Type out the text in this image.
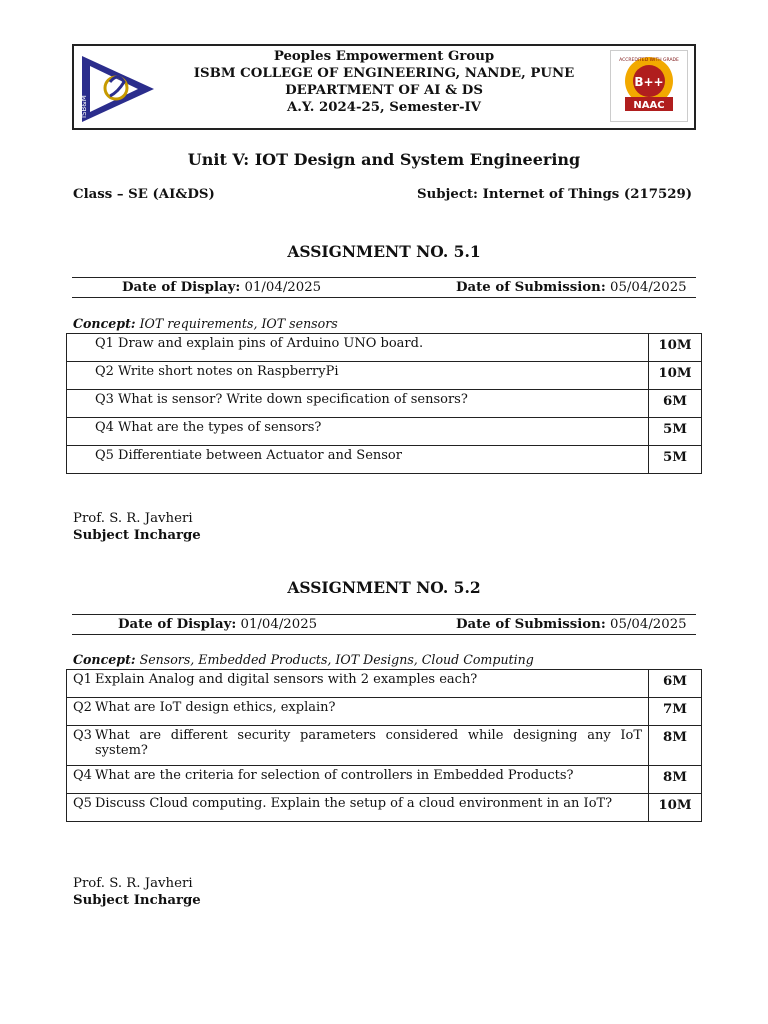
ISB&M
Peoples Empowerment Group
ISBM COLLEGE OF ENGINEERING, NANDE, PUNE
DEPARTMENT OF AI & DS
A.Y. 2024-25, Semester-IV
ACCREDITED WITH GRADE
B++
NAAC
Unit V: IOT Design and System Engineering
Class – SE (AI&DS)	Subject: Internet of Things (217529)
ASSIGNMENT NO. 5.1
Date of Display: 01/04/2025	Date of Submission: 05/04/2025
Concept: IOT requirements, IOT sensors
Q1 Draw and explain pins of Arduino UNO board.	10M
Q2 Write short notes on RaspberryPi	10M
Q3 What is sensor? Write down specification of sensors?	6M
Q4 What are the types of sensors?	5M
Q5 Differentiate between Actuator and Sensor	5M
Prof. S. R. Javheri
Subject Incharge
ASSIGNMENT NO. 5.2
Date of Display: 01/04/2025	Date of Submission: 05/04/2025
Concept: Sensors, Embedded Products, IOT Designs, Cloud Computing
Q1 Explain Analog and digital sensors with 2 examples each?	6M
Q2 What are IoT design ethics, explain?	7M
Q3 What are different security parameters considered while designing any IoT system?	8M
Q4 What are the criteria for selection of controllers in Embedded Products?	8M
Q5 Discuss Cloud computing. Explain the setup of a cloud environment in an IoT?	10M
Prof. S. R. Javheri
Subject Incharge
